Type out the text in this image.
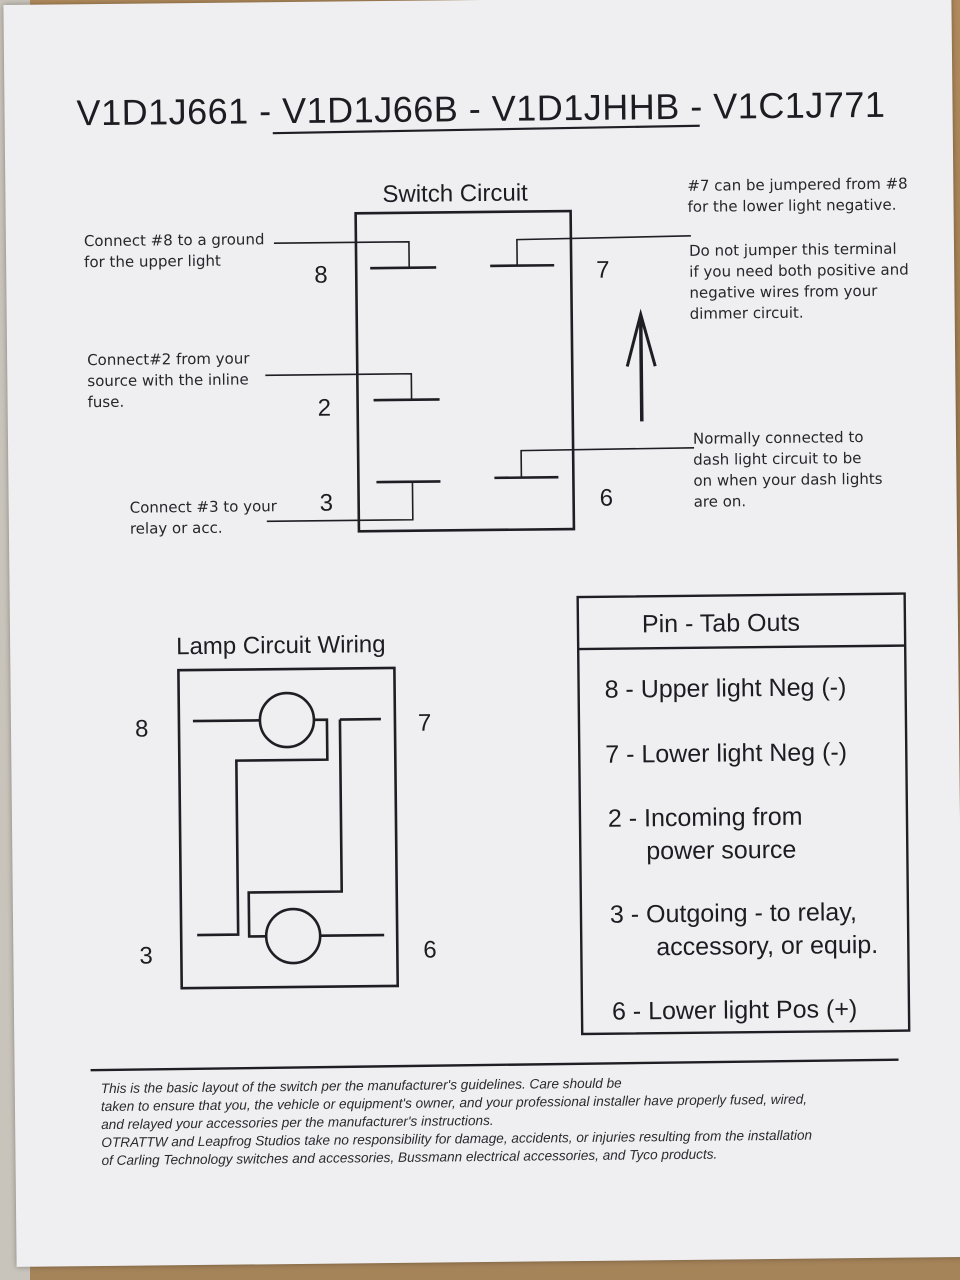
V1D1J661 - V1D1J66B - V1D1JHHB - V1C1J771
Switch Circuit
8	7
2
6
3
Connect #8 to a ground
for the upper light
Connect#2 from your
source with the inline
fuse.
Connect #3 to your
relay or acc.
#7 can be jumpered from #8
for the lower light negative.
Do not jumper this terminal
if you need both positive and
negative wires from your
dimmer circuit.
Normally connected to
dash light circuit to be
on when your dash lights
are on.
Lamp Circuit Wiring
8	7
3	6
Pin - Tab Outs
8 - Upper light Neg (-)
7 - Lower light Neg (-)
2 - Incoming from
power source
3 - Outgoing - to relay,
accessory, or equip.
6 - Lower light Pos (+)
This is the basic layout of the switch per the manufacturer's guidelines. Care should be
taken to ensure that you, the vehicle or equipment's owner, and your professional installer have properly fused, wired,
and relayed your accessories per the manufacturer's instructions.
OTRATTW and Leapfrog Studios take no responsibility for damage, accidents, or injuries resulting from the installation
of Carling Technology switches and accessories, Bussmann electrical accessories, and Tyco products.
